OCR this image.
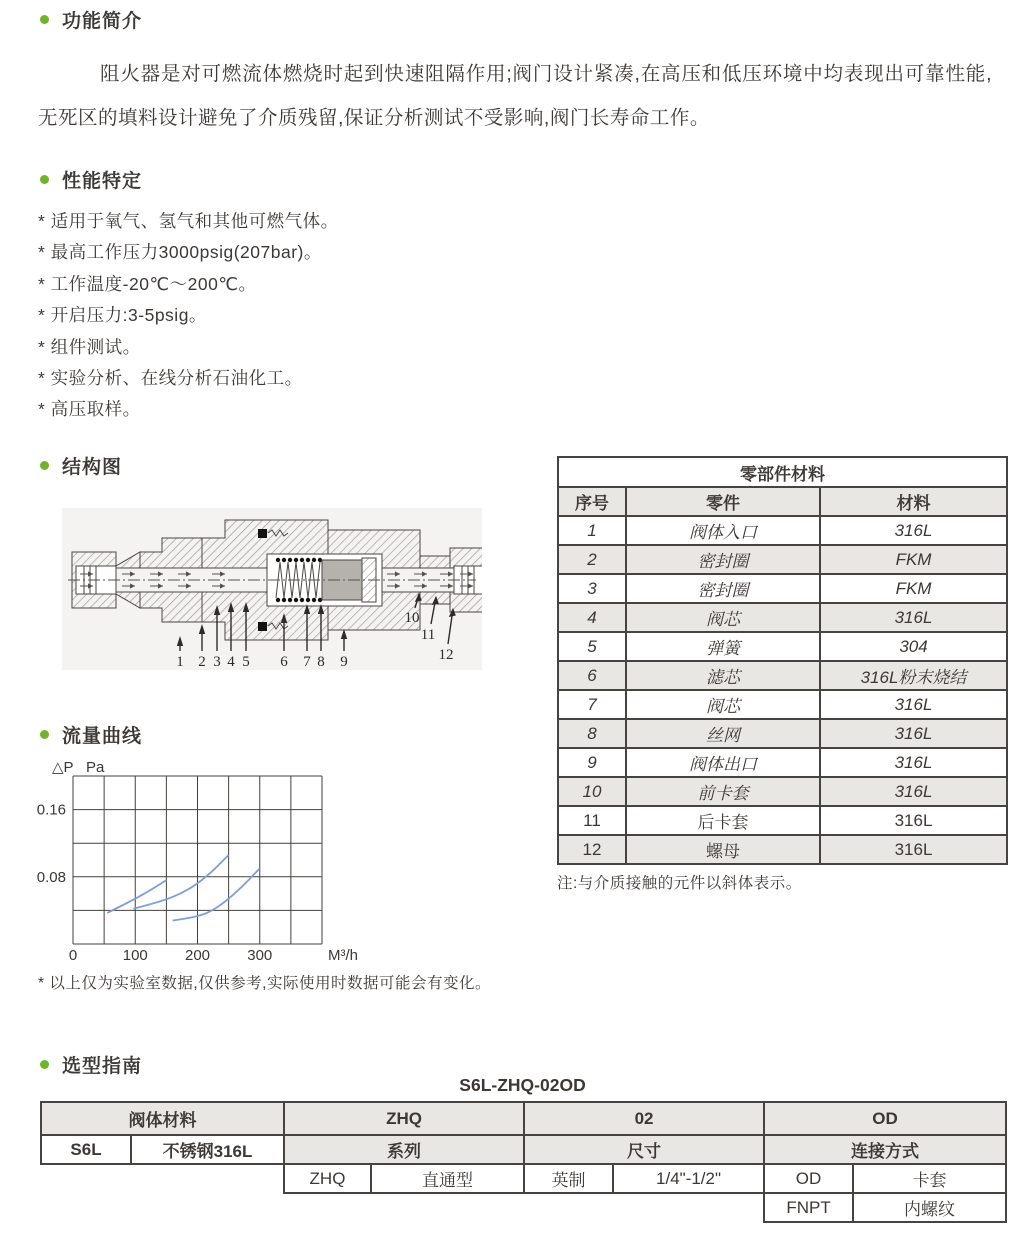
功能简介
阻火器是对可燃流体燃烧时起到快速阻隔作用;阀门设计紧凑,在高压和低压环境中均表现出可靠性能,无死区的填料设计避免了介质残留,保证分析测试不受影响,阀门长寿命工作。
性能特定
* 适用于氧气、氢气和其他可燃气体。
* 最高工作压力3000psig(207bar)。
* 工作温度-20℃～200℃。
* 开启压力:3-5psig。
* 组件测试。
* 实验分析、在线分析石油化工。
* 高压取样。
结构图
1 2 3 4 5 6 7 8 9
10
11
12
零部件材料		
序号	零件	材料
1	阀体入口	316L
2	密封圈	FKM
3	密封圈	FKM
4	阀芯	316L
5	弹簧	304
6	滤芯	316L粉末烧结
7	阀芯	316L
8	丝网	316L
9	阀体出口	316L
10	前卡套	316L
11	后卡套	316L
12	螺母	316L
注:与介质接触的元件以斜体表示。
流量曲线
△P Pa
0	100 200 300
0.08
0.16
M³/h
* 以上仅为实验室数据,仅供参考,实际使用时数据可能会有变化。
选型指南
S6L-ZHQ-02OD
阀体材料		ZHQ		02		OD	
S6L	不锈钢316L	系列		尺寸		连接方式	
		ZHQ	直通型	英制	1/4"-1/2"	OD	卡套
						FNPT	内螺纹
